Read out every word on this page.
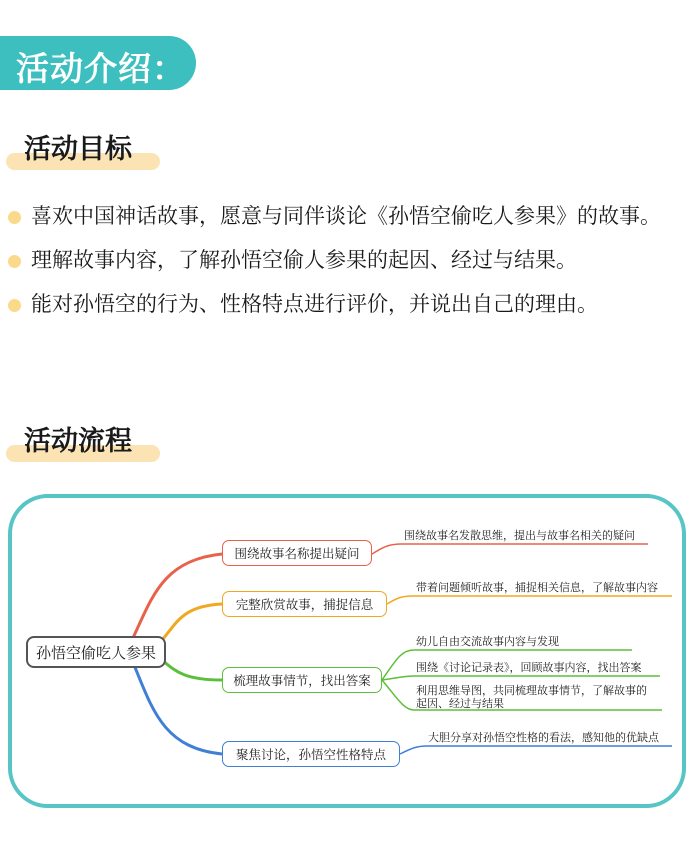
活动介绍：
活动目标
喜欢中国神话故事，愿意与同伴谈论《孙悟空偷吃人参果》的故事。
理解故事内容，了解孙悟空偷人参果的起因、经过与结果。
能对孙悟空的行为、性格特点进行评价，并说出自己的理由。
活动流程
孙悟空偷吃人参果
围绕故事名称提出疑问
完整欣赏故事，捕捉信息
梳理故事情节，找出答案
聚焦讨论，孙悟空性格特点
围绕故事名发散思维，提出与故事名相关的疑问
带着问题倾听故事，捕捉相关信息，了解故事内容
幼儿自由交流故事内容与发现
围绕《讨论记录表》，回顾故事内容，找出答案
利用思维导图，共同梳理故事情节，了解故事的
起因、经过与结果
大胆分享对孙悟空性格的看法，感知他的优缺点
